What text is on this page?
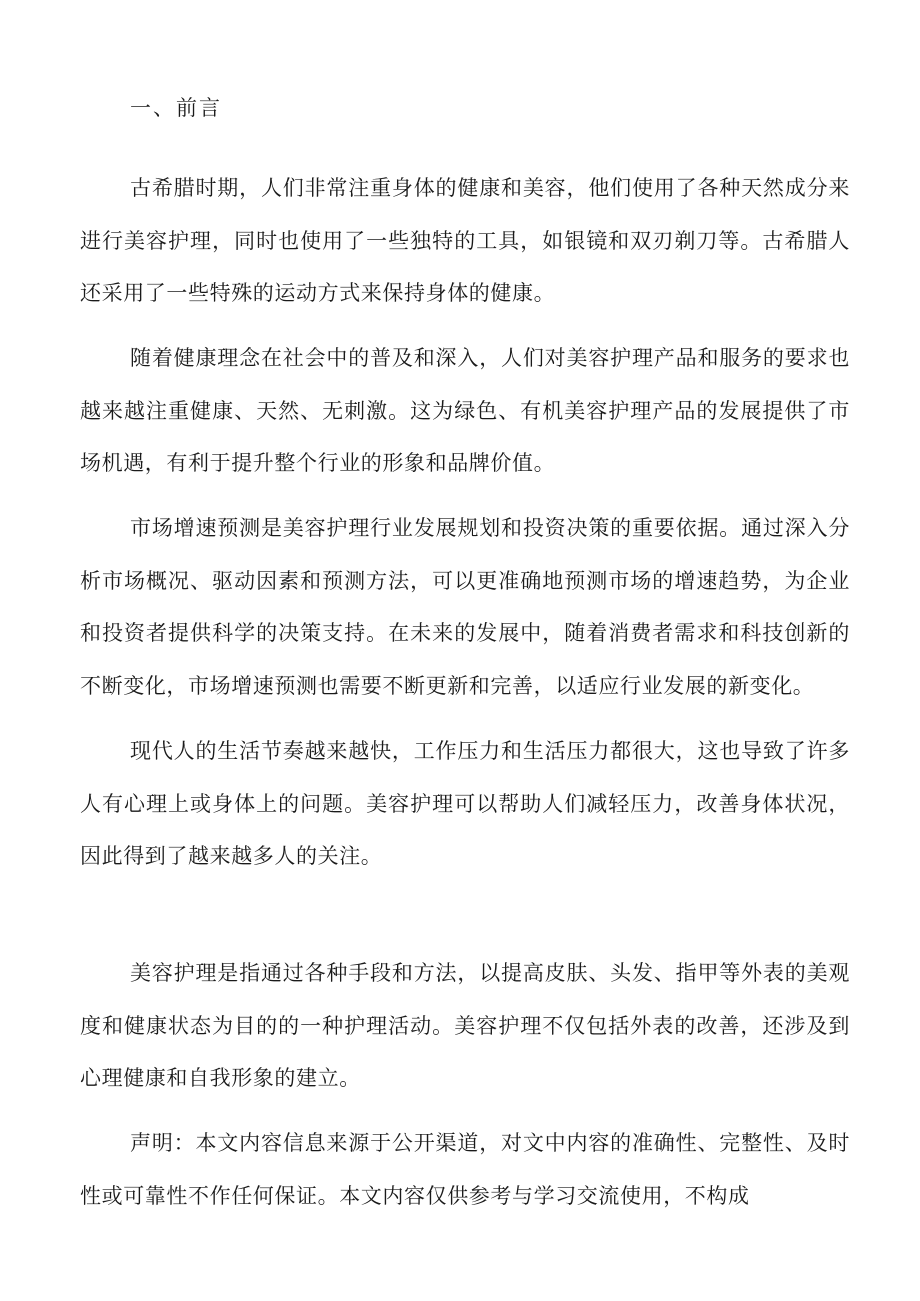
一、前言

古希腊时期，人们非常注重身体的健康和美容，他们使用了各种天然成分来进行美容护理，同时也使用了一些独特的工具，如银镜和双刃剃刀等。古希腊人还采用了一些特殊的运动方式来保持身体的健康。

随着健康理念在社会中的普及和深入，人们对美容护理产品和服务的要求也越来越注重健康、天然、无刺激。这为绿色、有机美容护理产品的发展提供了市场机遇，有利于提升整个行业的形象和品牌价值。

市场增速预测是美容护理行业发展规划和投资决策的重要依据。通过深入分析市场概况、驱动因素和预测方法，可以更准确地预测市场的增速趋势，为企业和投资者提供科学的决策支持。在未来的发展中，随着消费者需求和科技创新的不断变化，市场增速预测也需要不断更新和完善，以适应行业发展的新变化。

现代人的生活节奏越来越快，工作压力和生活压力都很大，这也导致了许多人有心理上或身体上的问题。美容护理可以帮助人们减轻压力，改善身体状况，因此得到了越来越多人的关注。

美容护理是指通过各种手段和方法，以提高皮肤、头发、指甲等外表的美观度和健康状态为目的的一种护理活动。美容护理不仅包括外表的改善，还涉及到心理健康和自我形象的建立。

声明：本文内容信息来源于公开渠道，对文中内容的准确性、完整性、及时性或可靠性不作任何保证。本文内容仅供参考与学习交流使用，不构成
